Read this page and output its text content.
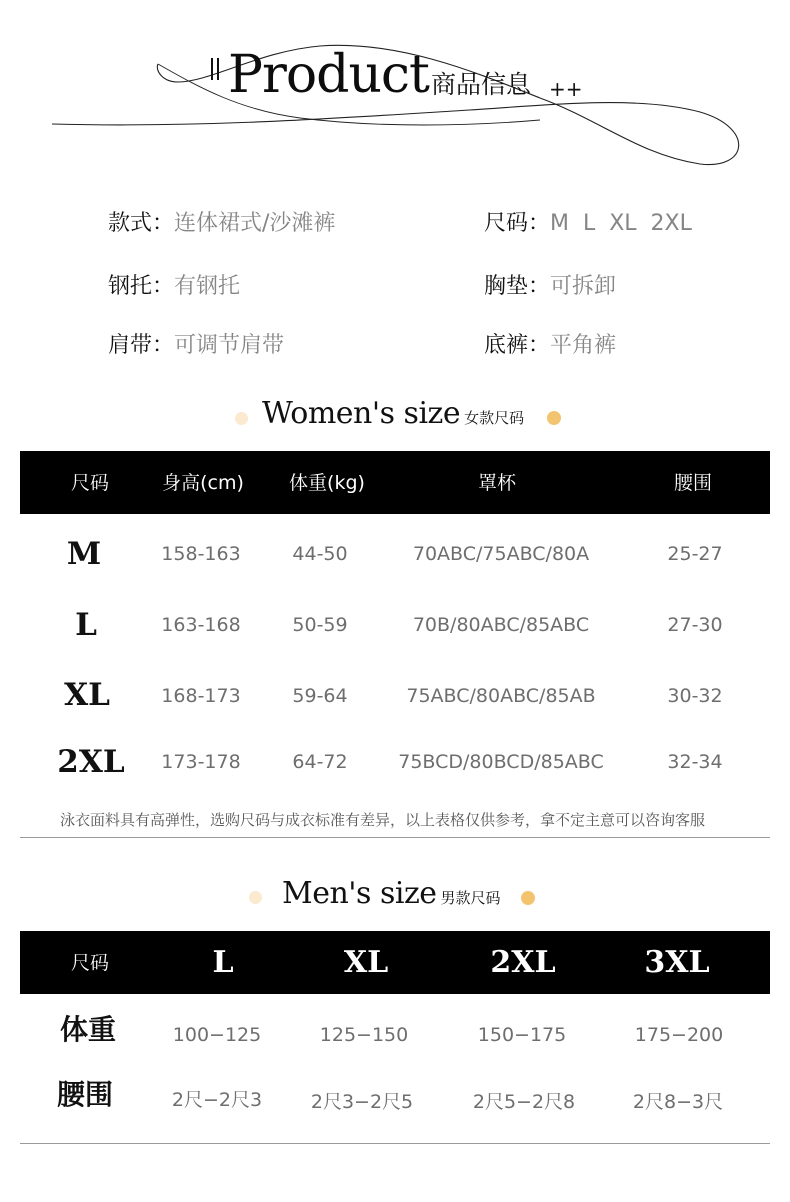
Product 商品信息 ++
款式：连体裙式/沙滩裤	尺码：M  L  XL  2XL
钢托：有钢托	胸垫：可拆卸
肩带：可调节肩带	底裤：平角裤
Women's size 女款尺码
尺码	身高(cm) 体重(kg)	罩杯	腰围
M	158-163	44-50	70ABC/75ABC/80A	25-27
L	163-168	50-59	70B/80ABC/85ABC	27-30
XL	168-173	59-64	75ABC/80ABC/85AB	30-32
2XL 173-178	64-72	75BCD/80BCD/85ABC	32-34
泳衣面料具有高弹性，选购尺码与成衣标准有差异，以上表格仅供参考，拿不定主意可以咨询客服
Men's size 男款尺码
尺码	L	XL	2XL	3XL
体重	100−125	125−150	150−175	175−200
腰围	2尺−2尺3	2尺3−2尺5	2尺5−2尺8	2尺8−3尺
